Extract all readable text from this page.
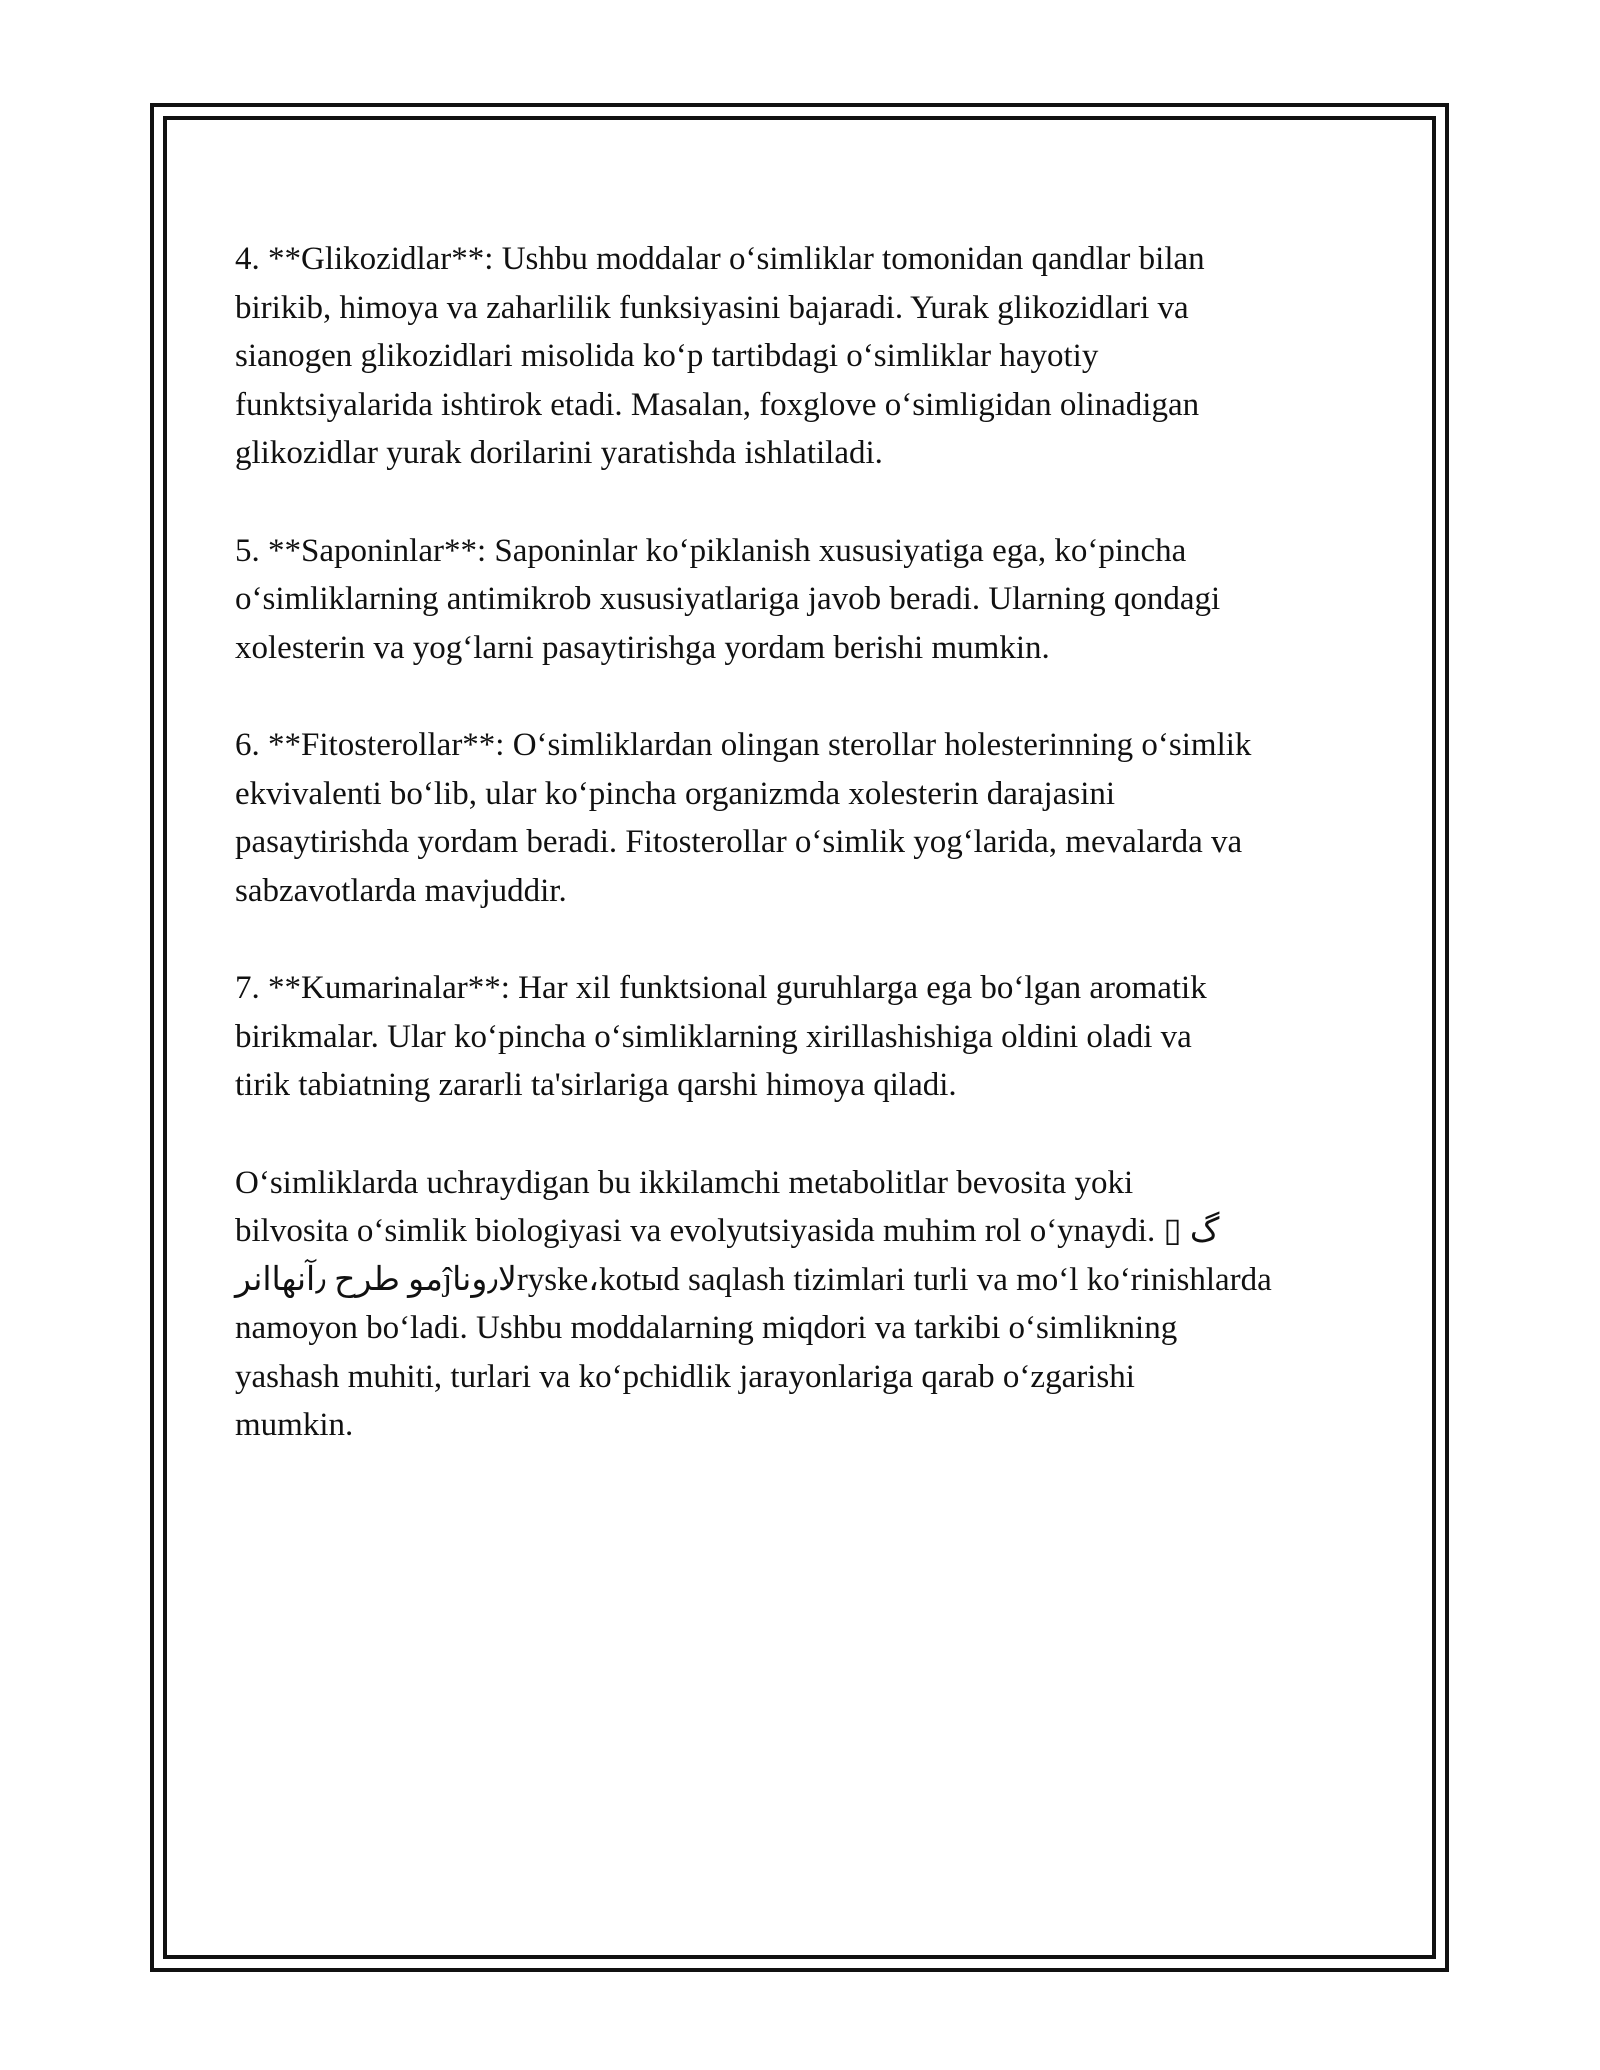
4. **Glikozidlar**: Ushbu moddalar o‘simliklar tomonidan qandlar bilan
birikib, himoya va zaharlilik funksiyasini bajaradi. Yurak glikozidlari va
sianogen glikozidlari misolida ko‘p tartibdagi o‘simliklar hayotiy
funktsiyalarida ishtirok etadi. Masalan, foxglove o‘simligidan olinadigan
glikozidlar yurak dorilarini yaratishda ishlatiladi.

5. **Saponinlar**: Saponinlar ko‘piklanish xususiyatiga ega, ko‘pincha
o‘simliklarning antimikrob xususiyatlariga javob beradi. Ularning qondagi
xolesterin va yog‘larni pasaytirishga yordam berishi mumkin.

6. **Fitosterollar**: O‘simliklardan olingan sterollar holesterinning o‘simlik
ekvivalenti bo‘lib, ular ko‘pincha organizmda xolesterin darajasini
pasaytirishda yordam beradi. Fitosterollar o‘simlik yog‘larida, mevalarda va
sabzavotlarda mavjuddir.

7. **Kumarinalar**: Har xil funktsional guruhlarga ega bo‘lgan aromatik
birikmalar. Ular ko‘pincha o‘simliklarning xirillashishiga oldini oladi va
tirik tabiatning zararli ta'sirlariga qarshi himoya qiladi.

O‘simliklarda uchraydigan bu ikkilamchi metabolitlar bevosita yoki
bilvosita o‘simlik biologiyasi va evolyutsiyasida muhim rol o‘ynaydi. ▯ گ
مو طرح ٫آنهاانرĵلا٫وناryske،kotыd saqlash tizimlari turli va mo‘l ko‘rinishlarda
namoyon bo‘ladi. Ushbu moddalarning miqdori va tarkibi o‘simlikning
yashash muhiti, turlari va ko‘pchidlik jarayonlariga qarab o‘zgarishi
mumkin.
